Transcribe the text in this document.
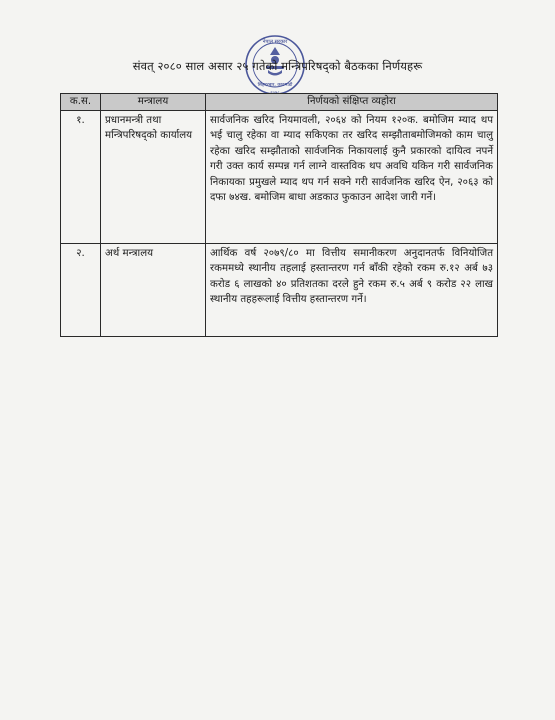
नेपाल सरकार
सिंहदरबार, काठमाडौं
संवत् २०८० साल असार २५ गतेको मन्त्रिपरिषद्को बैठकका निर्णयहरू
क.स.	मन्त्रालय	निर्णयको संक्षिप्त व्यहोरा
१.	प्रधानमन्त्री तथा मन्त्रिपरिषद्को कार्यालय	सार्वजनिक खरिद नियमावली, २०६४ को नियम १२०क. बमोजिम म्याद थप भई चालु रहेका वा म्याद सकिएका तर खरिद सम्झौताबमोजिमको काम चालु रहेका खरिद सम्झौताको सार्वजनिक निकायलाई कुनै प्रकारको दायित्व नपर्ने गरी उक्त कार्य सम्पन्न गर्न लाग्ने वास्तविक थप अवधि यकिन गरी सार्वजनिक निकायका प्रमुखले म्याद थप गर्न सक्ने गरी सार्वजनिक खरिद ऐन, २०६३ को दफा ७४ख. बमोजिम बाधा अडकाउ फुकाउन आदेश जारी गर्ने।
२.	अर्थ मन्त्रालय	आर्थिक वर्ष २०७९/८० मा वित्तीय समानीकरण अनुदानतर्फ विनियोजित रकममध्ये स्थानीय तहलाई हस्तान्तरण गर्न बाँकी रहेको रकम रु.१२ अर्ब ७३ करोड ६ लाखको ४० प्रतिशतका दरले हुने रकम रु.५ अर्ब ९ करोड २२ लाख स्थानीय तहहरूलाई वित्तीय हस्तान्तरण गर्ने।
